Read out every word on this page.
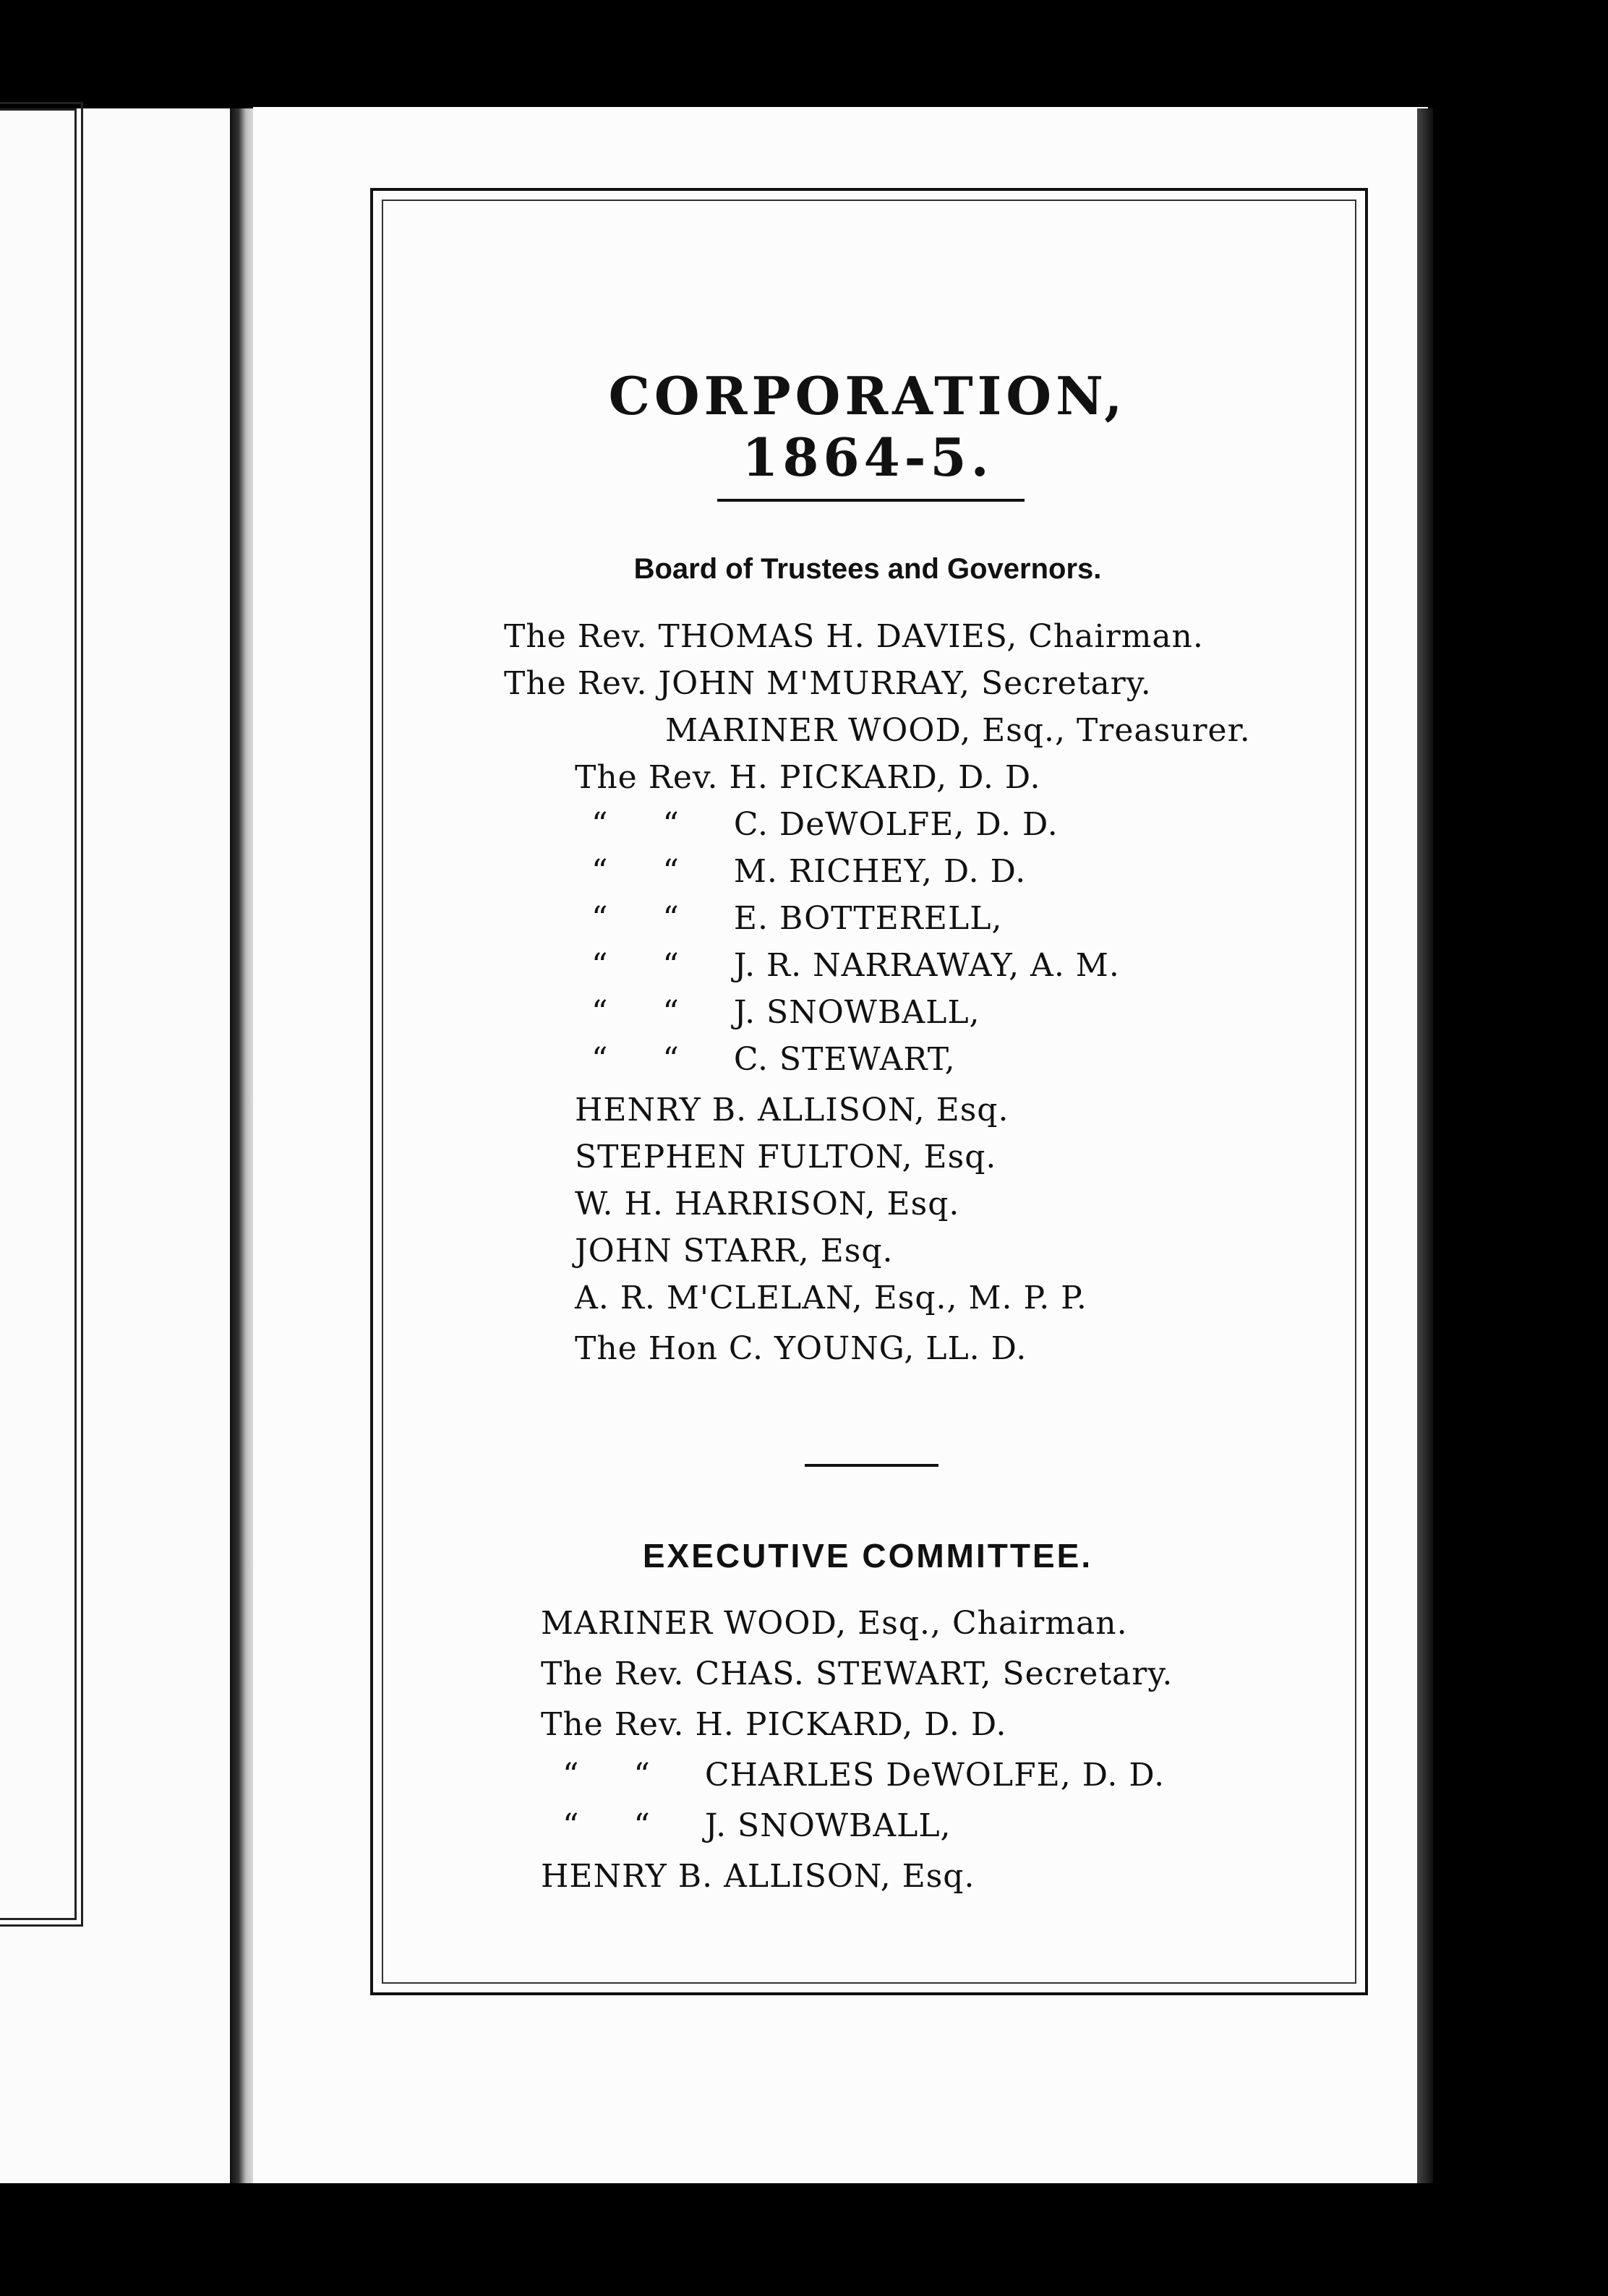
CORPORATION, 1864-5.
Board of Trustees and Governors.
The Rev. THOMAS H. DAVIES, Chairman.
The Rev. JOHN M'MURRAY, Secretary.
MARINER WOOD, Esq., Treasurer.
The Rev. H. PICKARD, D. D.
“     “     C. DeWOLFE, D. D.
“     “     M. RICHEY, D. D.
“     “     E. BOTTERELL,
“     “     J. R. NARRAWAY, A. M.
“     “     J. SNOWBALL,
“     “     C. STEWART,
HENRY B. ALLISON, Esq.
STEPHEN FULTON, Esq.
W. H. HARRISON, Esq.
JOHN STARR, Esq.
A. R. M'CLELAN, Esq., M. P. P.
The Hon C. YOUNG, LL. D.
EXECUTIVE COMMITTEE.
MARINER WOOD, Esq., Chairman.
The Rev. CHAS. STEWART, Secretary.
The Rev. H. PICKARD, D. D.
“     “     CHARLES DeWOLFE, D. D.
“     “     J. SNOWBALL,
HENRY B. ALLISON, Esq.
